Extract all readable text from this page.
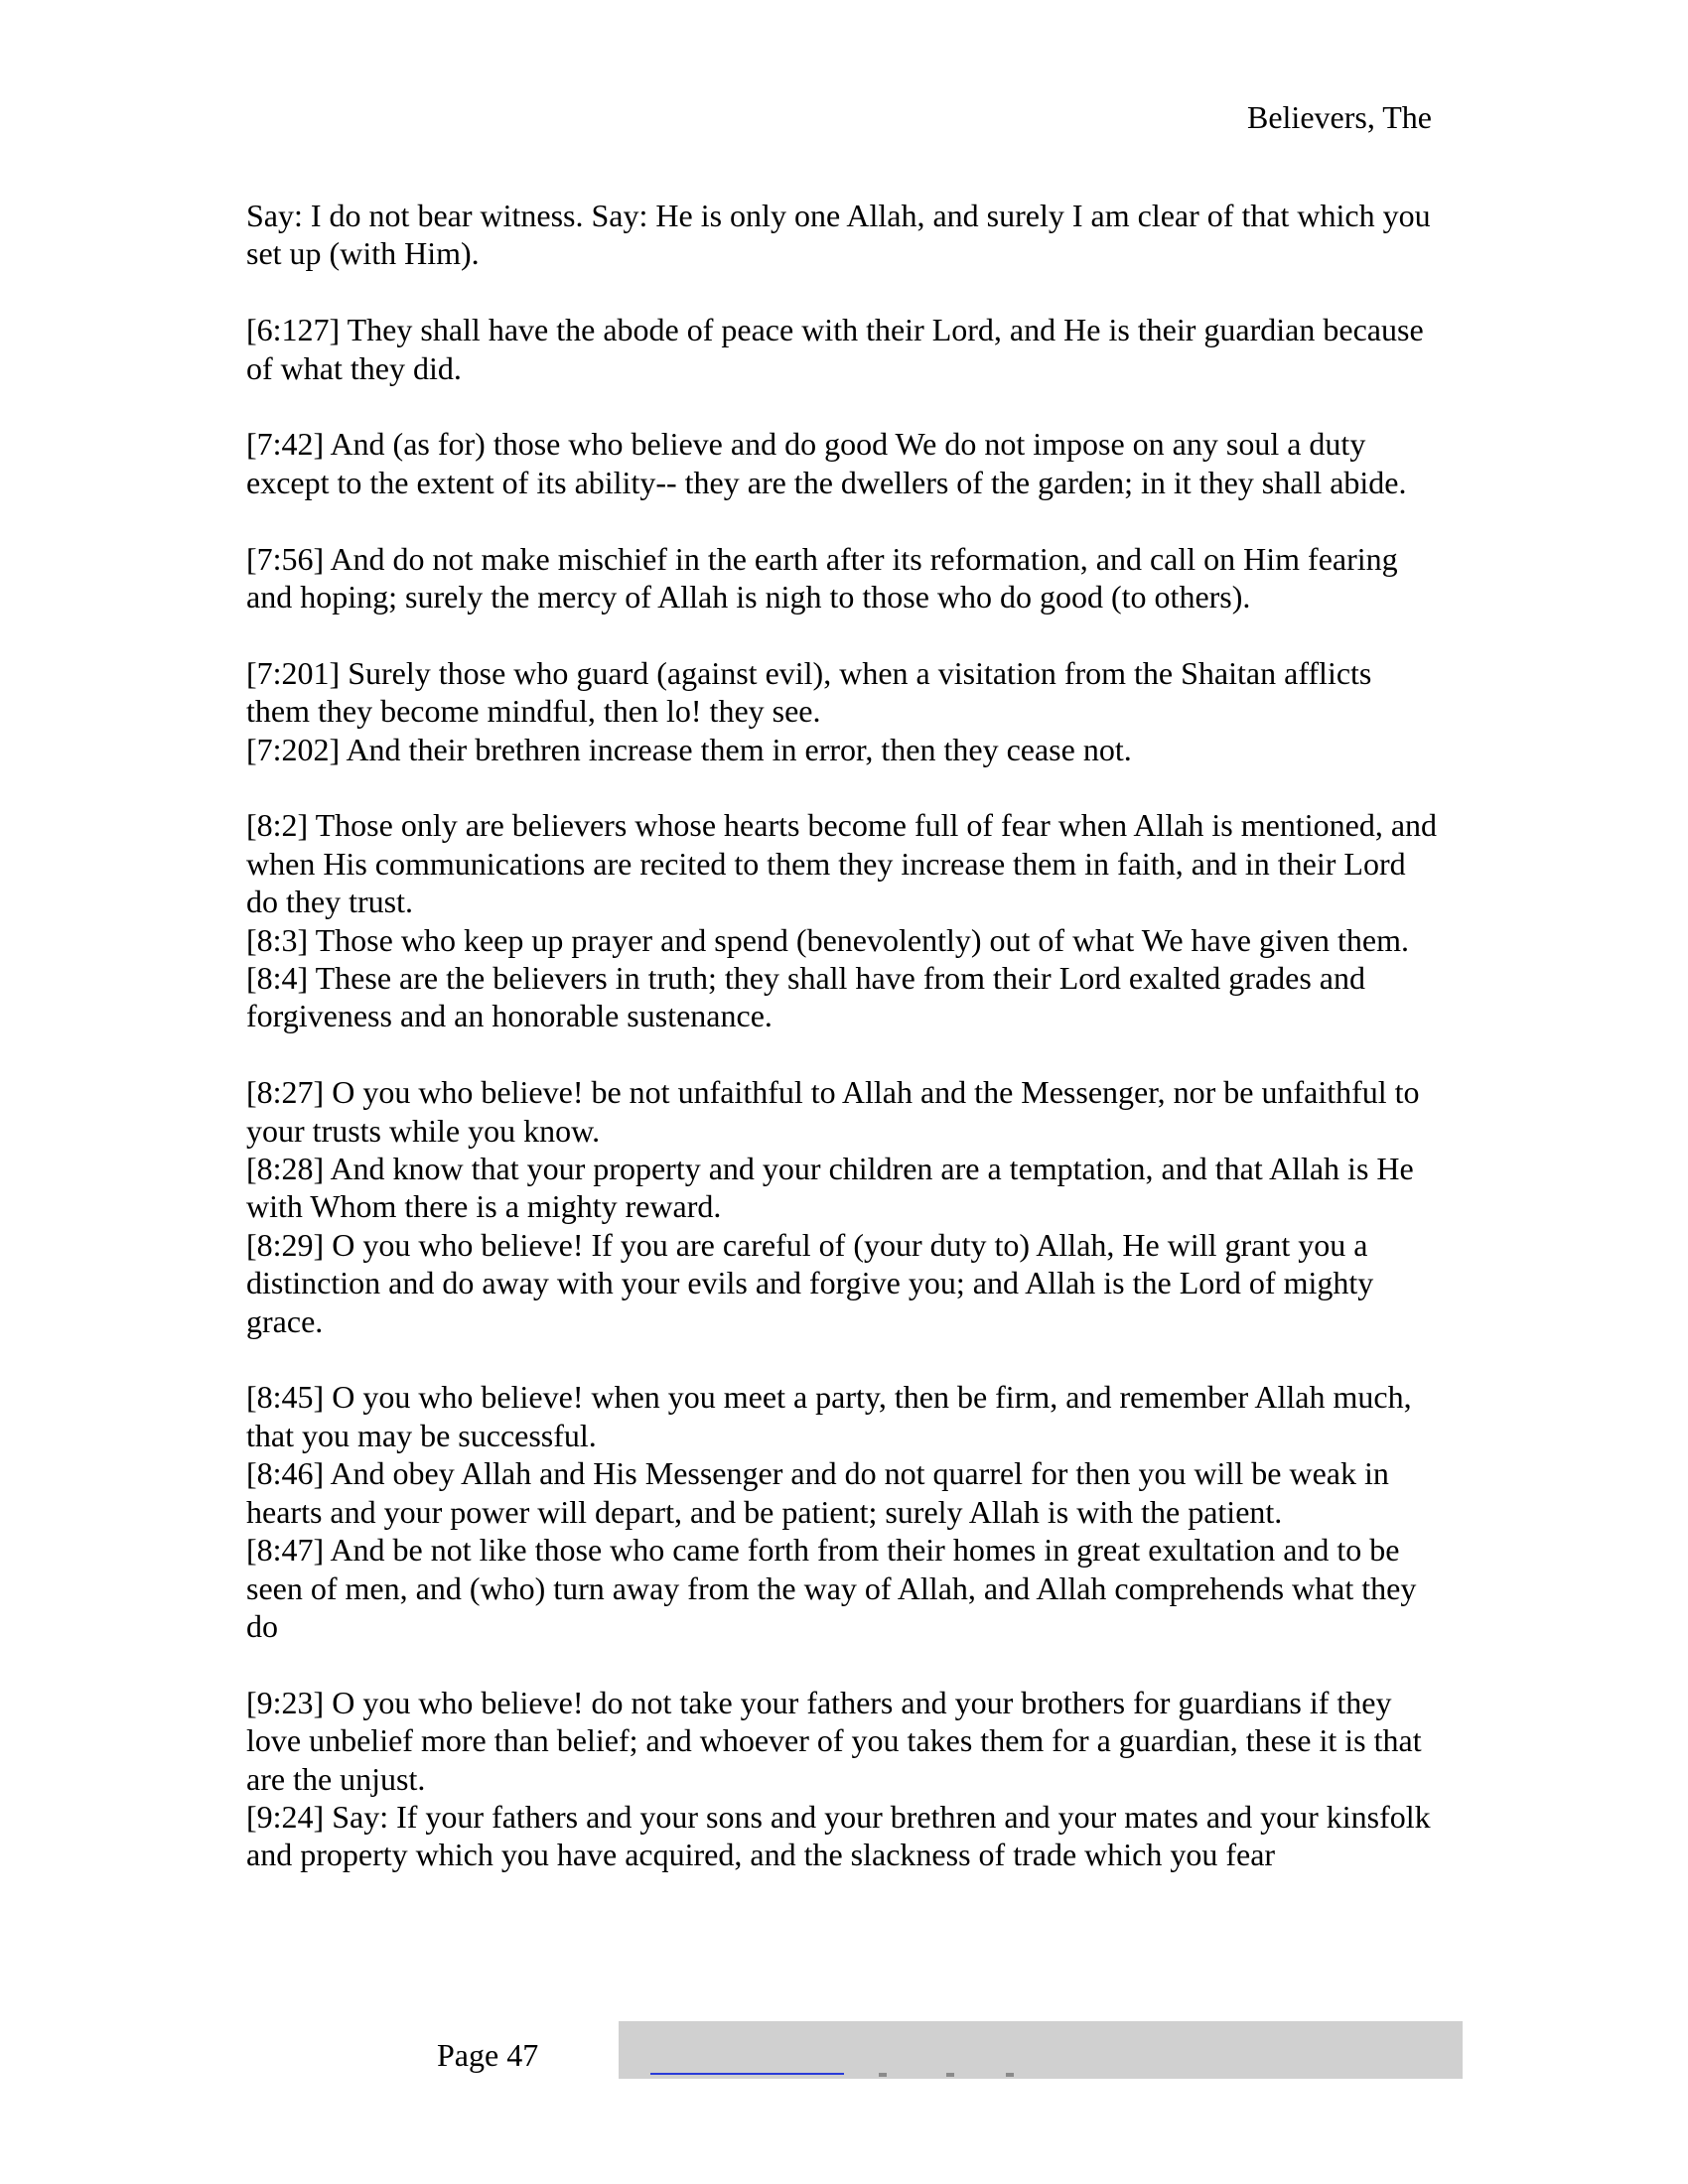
Believers, The

Say: I do not bear witness. Say: He is only one Allah, and surely I am clear of that which you set up (with Him).

[6:127] They shall have the abode of peace with their Lord, and He is their guardian because of what they did.

[7:42] And (as for) those who believe and do good We do not impose on any soul a duty except to the extent of its ability-- they are the dwellers of the garden; in it they shall abide.

[7:56] And do not make mischief in the earth after its reformation, and call on Him fearing and hoping; surely the mercy of Allah is nigh to those who do good (to others).

[7:201] Surely those who guard (against evil), when a visitation from the Shaitan afflicts them they become mindful, then lo! they see.

[7:202] And their brethren increase them in error, then they cease not.

[8:2] Those only are believers whose hearts become full of fear when Allah is mentioned, and when His communications are recited to them they increase them in faith, and in their Lord do they trust.

[8:3] Those who keep up prayer and spend (benevolently) out of what We have given them.

[8:4] These are the believers in truth; they shall have from their Lord exalted grades and forgiveness and an honorable sustenance.

[8:27] O you who believe! be not unfaithful to Allah and the Messenger, nor be unfaithful to your trusts while you know.

[8:28] And know that your property and your children are a temptation, and that Allah is He with Whom there is a mighty reward.

[8:29] O you who believe! If you are careful of (your duty to) Allah, He will grant you a distinction and do away with your evils and forgive you; and Allah is the Lord of mighty grace.

[8:45] O you who believe! when you meet a party, then be firm, and remember Allah much, that you may be successful.

[8:46] And obey Allah and His Messenger and do not quarrel for then you will be weak in hearts and your power will depart, and be patient; surely Allah is with the patient.

[8:47] And be not like those who came forth from their homes in great exultation and to be seen of men, and (who) turn away from the way of Allah, and Allah comprehends what they do

[9:23] O you who believe! do not take your fathers and your brothers for guardians if they love unbelief more than belief; and whoever of you takes them for a guardian, these it is that are the unjust.

[9:24] Say: If your fathers and your sons and your brethren and your mates and your kinsfolk and property which you have acquired, and the slackness of trade which you fear

Page 47
